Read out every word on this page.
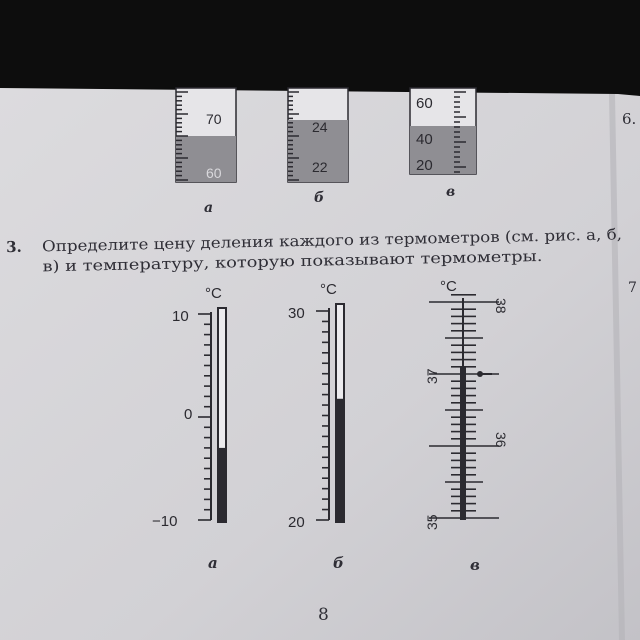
70
60
а
24
22
б
60
40
20
в
6.
3. Определите цену деления каждого из термометров (см. рис. а, б,
в) и температуру, которую показывают термометры.
7
°C
10
0
−10
а
°C
30
20
б
°C
38
37
36
35
в
8
